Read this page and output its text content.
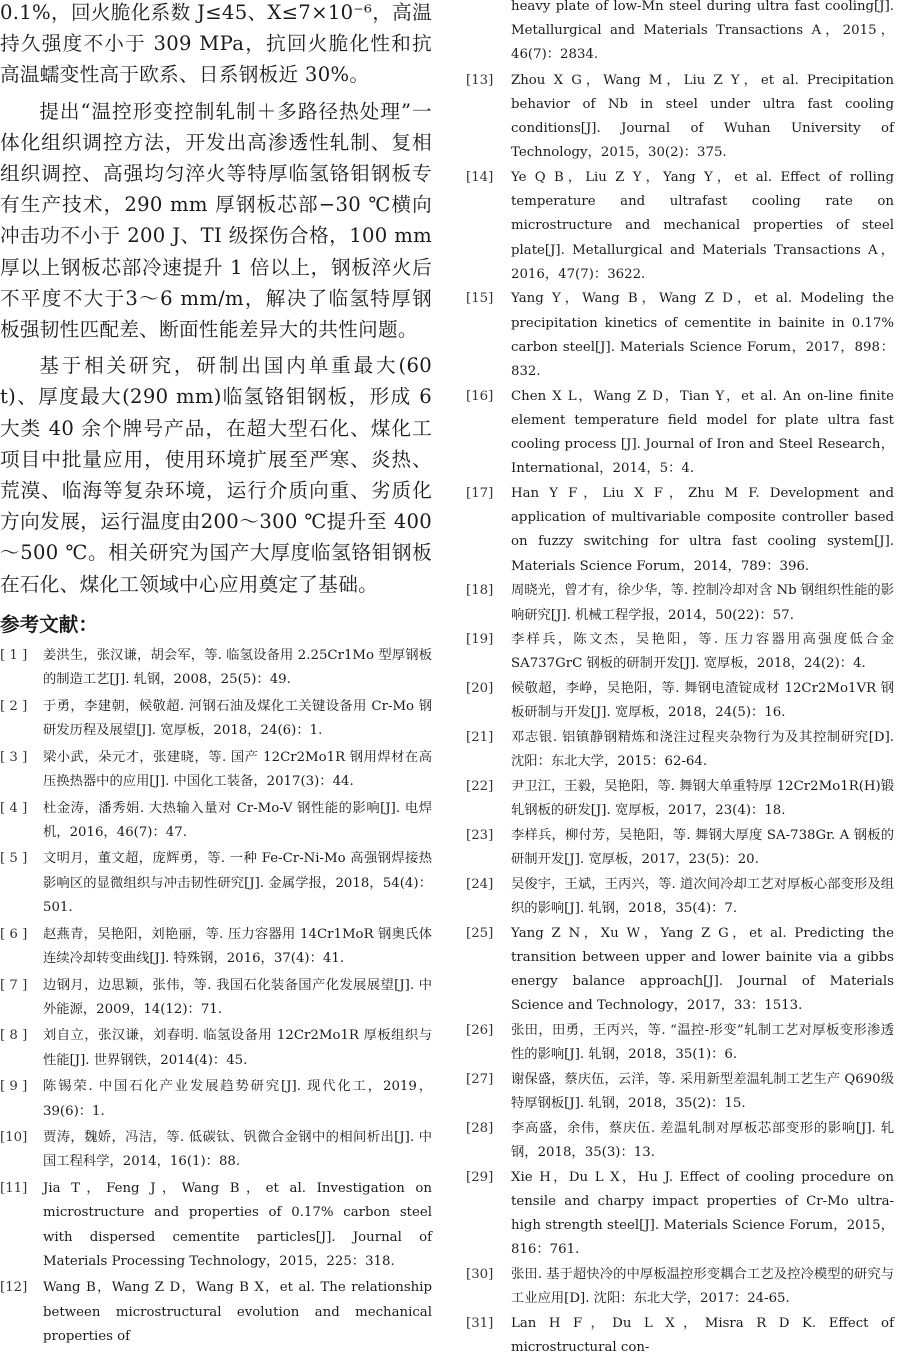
0.1%，回火脆化系数 J≤45、X≤7×10⁻⁶，高温持久强度不小于 309 MPa，抗回火脆化性和抗高温蠕变性高于欧系、日系钢板近 30%。

提出“温控形变控制轧制＋多路径热处理”一体化组织调控方法，开发出高渗透性轧制、复相组织调控、高强均匀淬火等特厚临氢铬钼钢板专有生产技术，290 mm 厚钢板芯部−30 ℃横向冲击功不小于 200 J、TI 级探伤合格，100 mm 厚以上钢板芯部冷速提升 1 倍以上，钢板淬火后不平度不大于3～6 mm/m，解决了临氢特厚钢板强韧性匹配差、断面性能差异大的共性问题。

基于相关研究，研制出国内单重最大(60 t)、厚度最大(290 mm)临氢铬钼钢板，形成 6 大类 40 余个牌号产品，在超大型石化、煤化工项目中批量应用，使用环境扩展至严寒、炎热、荒漠、临海等复杂环境，运行介质向重、劣质化方向发展，运行温度由200～300 ℃提升至 400～500 ℃。相关研究为国产大厚度临氢铬钼钢板在石化、煤化工领域中心应用奠定了基础。

参考文献：
[ 1 ] 姜洪生，张汉谦，胡会军，等. 临氢设备用 2.25Cr1Mo 型厚钢板的制造工艺[J]. 轧钢，2008，25(5)：49.
[ 2 ] 于勇，李建朝，候敬超. 河钢石油及煤化工关键设备用 Cr-Mo 钢研发历程及展望[J]. 宽厚板，2018，24(6)：1.
[ 3 ] 梁小武，朵元才，张建晓，等. 国产 12Cr2Mo1R 钢用焊材在高压换热器中的应用[J]. 中国化工装备，2017(3)：44.
[ 4 ] 杜金涛，潘秀娟. 大热输入量对 Cr-Mo-V 钢性能的影响[J]. 电焊机，2016，46(7)：47.
[ 5 ] 文明月，董文超，庞辉勇，等. 一种 Fe-Cr-Ni-Mo 高强钢焊接热影响区的显微组织与冲击韧性研究[J]. 金属学报，2018，54(4)：501.
[ 6 ] 赵燕青，吴艳阳，刘艳丽，等. 压力容器用 14Cr1MoR 钢奥氏体连续冷却转变曲线[J]. 特殊钢，2016，37(4)：41.
[ 7 ] 边钢月，边思颖，张伟，等. 我国石化装备国产化发展展望[J]. 中外能源，2009，14(12)：71.
[ 8 ] 刘自立，张汉谦，刘春明. 临氢设备用 12Cr2Mo1R 厚板组织与性能[J]. 世界钢铁，2014(4)：45.
[ 9 ] 陈锡荣. 中国石化产业发展趋势研究[J]. 现代化工，2019，39(6)：1.
[10] 贾涛，魏娇，冯洁，等. 低碳钛、钒微合金钢中的相间析出[J]. 中国工程科学，2014，16(1)：88.
[11] Jia T，Feng J，Wang B，et al. Investigation on microstructure and properties of 0.17% carbon steel with dispersed cementite particles[J]. Journal of Materials Processing Technology，2015，225：318.
[12] Wang B，Wang Z D，Wang B X，et al. The relationship between microstructural evolution and mechanical properties of
heavy plate of low-Mn steel during ultra fast cooling[J]. Metallurgical and Materials Transactions A，2015，46(7)：2834.
[13] Zhou X G，Wang M，Liu Z Y，et al. Precipitation behavior of Nb in steel under ultra fast cooling conditions[J]. Journal of Wuhan University of Technology，2015，30(2)：375.
[14] Ye Q B，Liu Z Y，Yang Y，et al. Effect of rolling temperature and ultrafast cooling rate on microstructure and mechanical properties of steel plate[J]. Metallurgical and Materials Transactions A，2016，47(7)：3622.
[15] Yang Y，Wang B，Wang Z D，et al. Modeling the precipitation kinetics of cementite in bainite in 0.17% carbon steel[J]. Materials Science Forum，2017，898：832.
[16] Chen X L，Wang Z D，Tian Y，et al. An on-line finite element temperature field model for plate ultra fast cooling process [J]. Journal of Iron and Steel Research，International，2014，5：4.
[17] Han Y F，Liu X F，Zhu M F. Development and application of multivariable composite controller based on fuzzy switching for ultra fast cooling system[J]. Materials Science Forum，2014，789：396.
[18] 周晓光，曾才有，徐少华，等. 控制冷却对含 Nb 钢组织性能的影响研究[J]. 机械工程学报，2014，50(22)：57.
[19] 李样兵，陈文杰，吴艳阳，等. 压力容器用高强度低合金 SA737GrC 钢板的研制开发[J]. 宽厚板，2018，24(2)：4.
[20] 候敬超，李峥，吴艳阳，等. 舞钢电渣锭成材 12Cr2Mo1VR 钢板研制与开发[J]. 宽厚板，2018，24(5)：16.
[21] 邓志银. 铝镇静钢精炼和浇注过程夹杂物行为及其控制研究[D]. 沈阳：东北大学，2015：62-64.
[22] 尹卫江，王毅，吴艳阳，等. 舞钢大单重特厚 12Cr2Mo1R(H)锻轧钢板的研发[J]. 宽厚板，2017，23(4)：18.
[23] 李样兵，柳付芳，吴艳阳，等. 舞钢大厚度 SA-738Gr. A 钢板的研制开发[J]. 宽厚板，2017，23(5)：20.
[24] 吴俊宇，王斌，王丙兴，等. 道次间冷却工艺对厚板心部变形及组织的影响[J]. 轧钢，2018，35(4)：7.
[25] Yang Z N，Xu W，Yang Z G，et al. Predicting the transition between upper and lower bainite via a gibbs energy balance approach[J]. Journal of Materials Science and Technology，2017，33：1513.
[26] 张田，田勇，王丙兴，等. “温控-形变”轧制工艺对厚板变形渗透性的影响[J]. 轧钢，2018，35(1)：6.
[27] 谢保盛，蔡庆伍，云洋，等. 采用新型差温轧制工艺生产 Q690级特厚钢板[J]. 轧钢，2018，35(2)：15.
[28] 李高盛，余伟，蔡庆伍. 差温轧制对厚板芯部变形的影响[J]. 轧钢，2018，35(3)：13.
[29] Xie H，Du L X，Hu J. Effect of cooling procedure on tensile and charpy impact properties of Cr-Mo ultra-high strength steel[J]. Materials Science Forum，2015，816：761.
[30] 张田. 基于超快冷的中厚板温控形变耦合工艺及控冷模型的研究与工业应用[D]. 沈阳：东北大学，2017：24-65.
[31] Lan H F，Du L X，Misra R D K. Effect of microstructural con-
